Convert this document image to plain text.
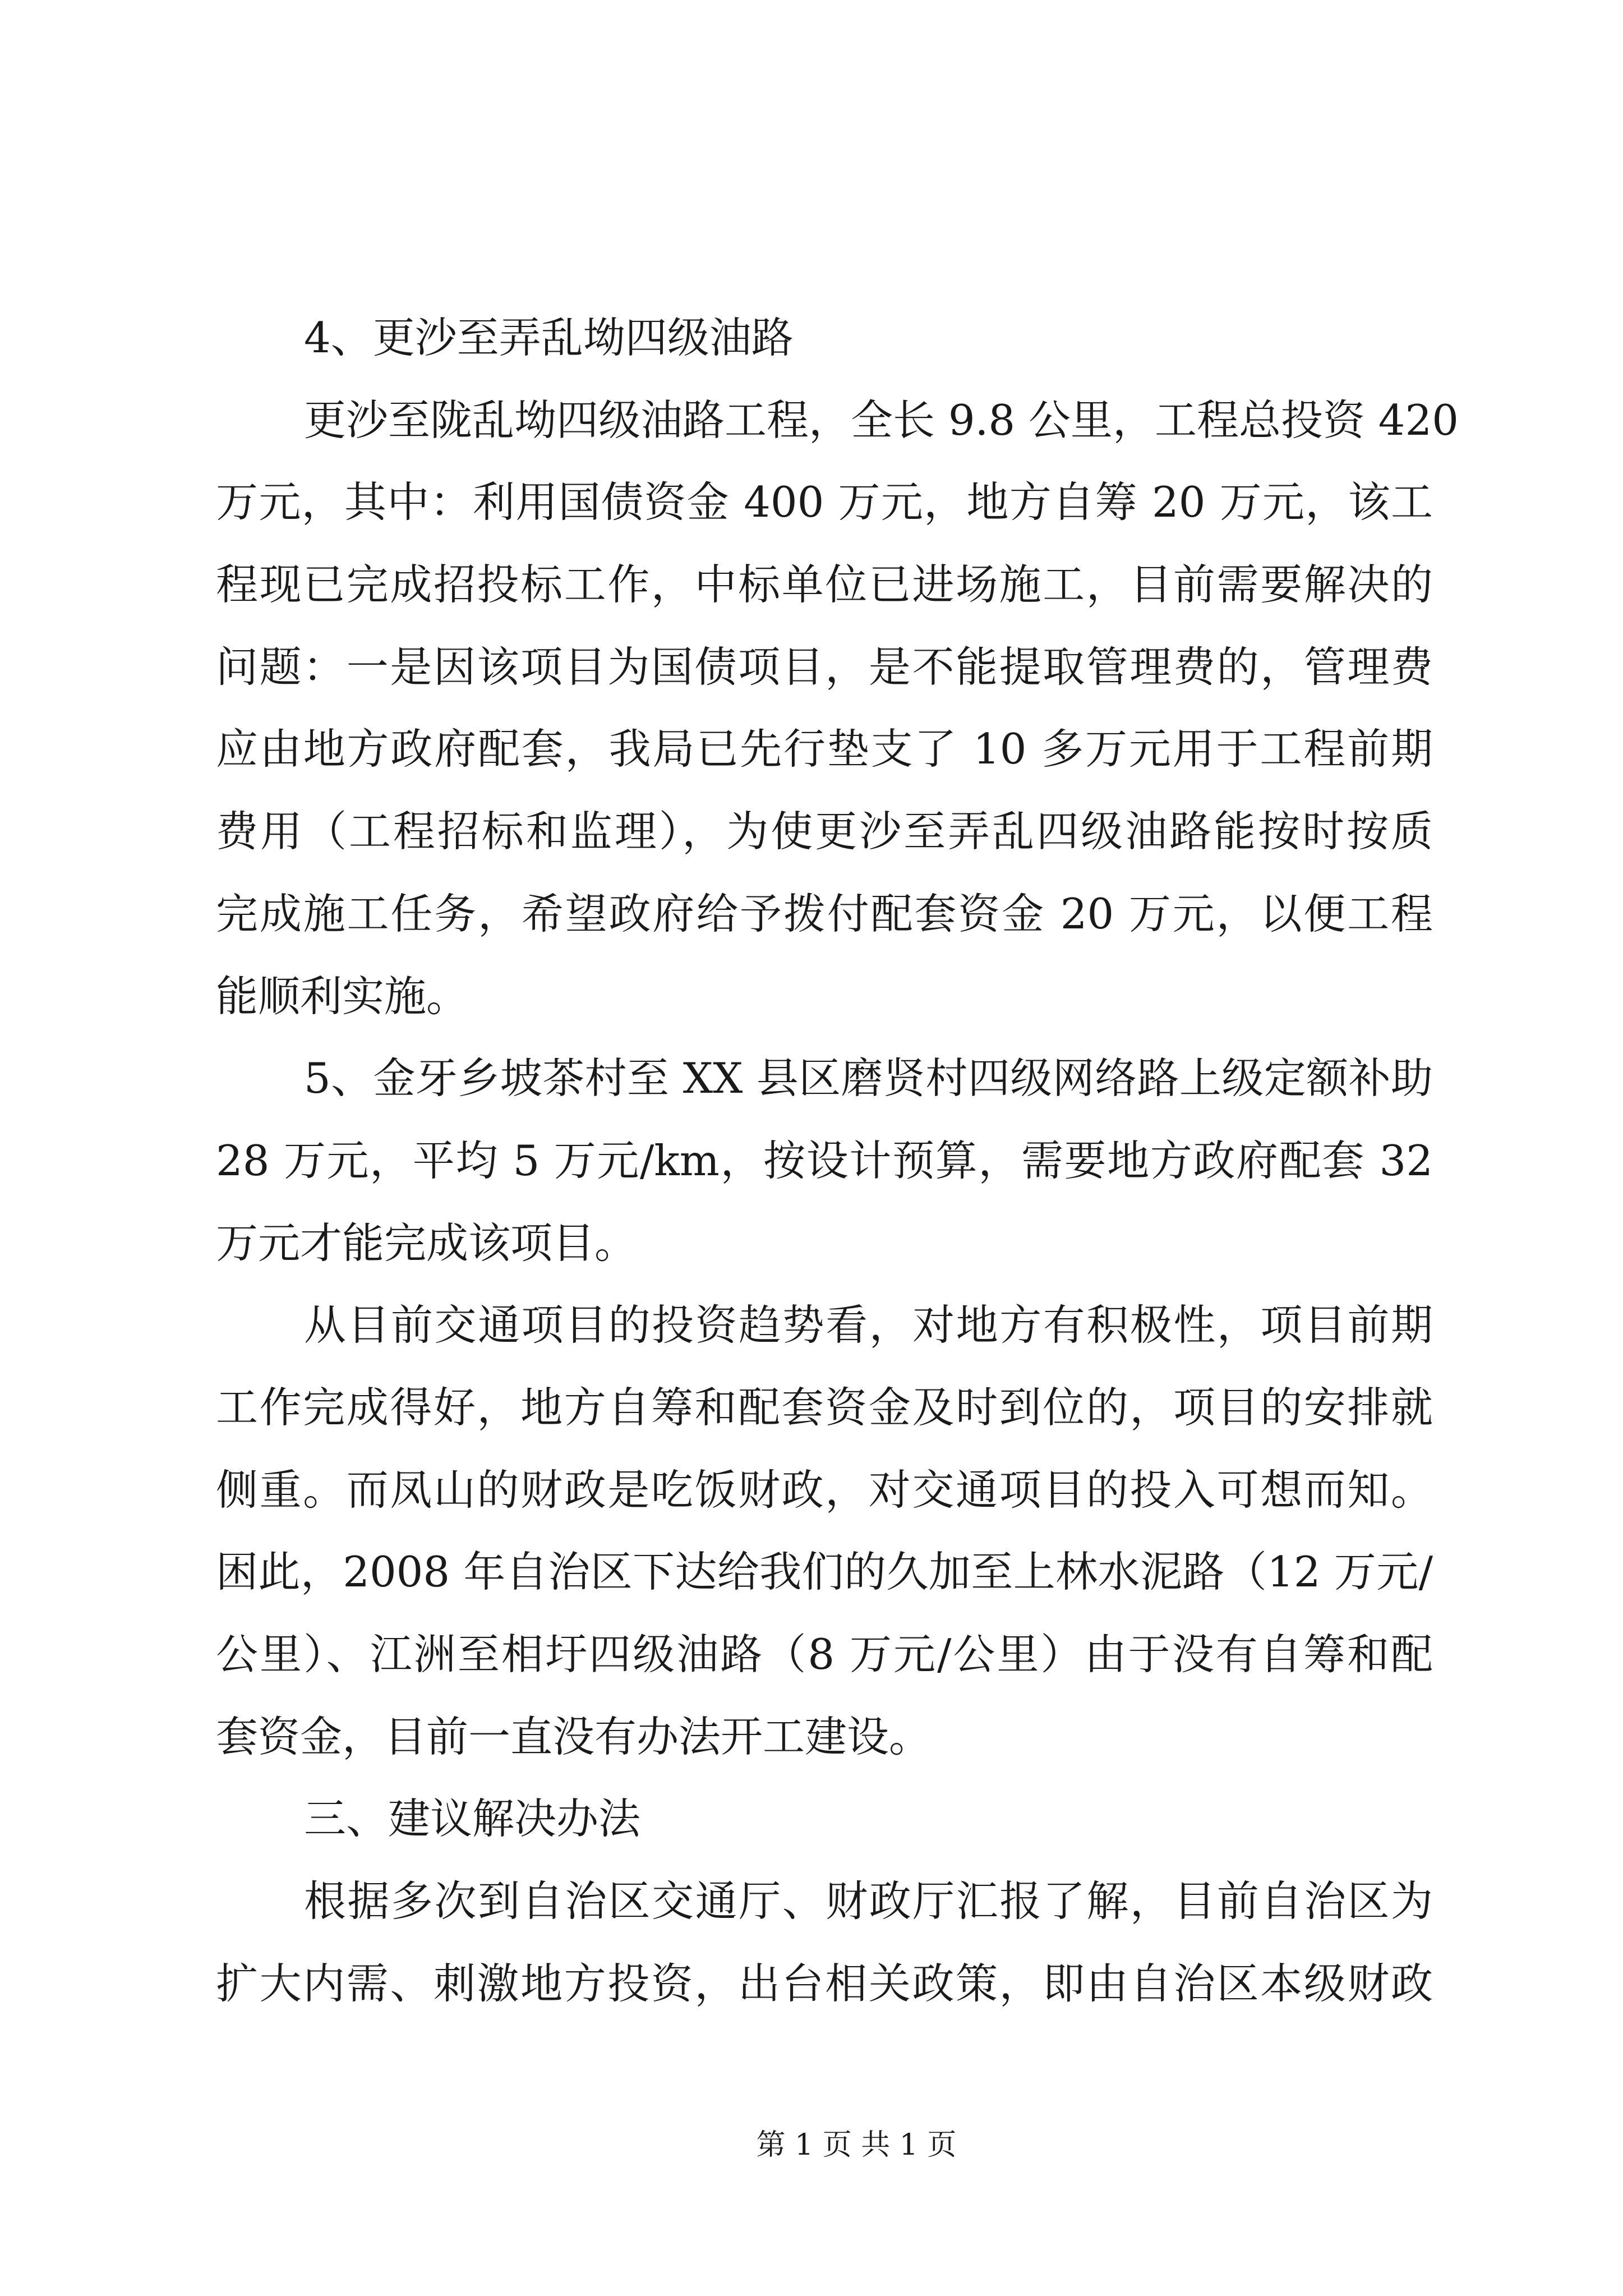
4、更沙至弄乱坳四级油路
更沙至陇乱坳四级油路工程，全长 9.8 公里，工程总投资 420
万元，其中：利用国债资金 400 万元，地方自筹 20 万元，该工
程现已完成招投标工作，中标单位已进场施工，目前需要解决的
问题：一是因该项目为国债项目，是不能提取管理费的，管理费
应由地方政府配套，我局已先行垫支了 10 多万元用于工程前期
费用（工程招标和监理），为使更沙至弄乱四级油路能按时按质
完成施工任务，希望政府给予拨付配套资金 20 万元，以便工程
能顺利实施。
5、金牙乡坡茶村至 XX 县区磨贤村四级网络路上级定额补助
28 万元，平均 5 万元/km，按设计预算，需要地方政府配套 32
万元才能完成该项目。
从目前交通项目的投资趋势看，对地方有积极性，项目前期
工作完成得好，地方自筹和配套资金及时到位的，项目的安排就
侧重。而凤山的财政是吃饭财政，对交通项目的投入可想而知。
困此，2008 年自治区下达给我们的久加至上林水泥路（12 万元/
公里）、江洲至相圩四级油路（8 万元/公里）由于没有自筹和配
套资金，目前一直没有办法开工建设。
三、建议解决办法
根据多次到自治区交通厅、财政厅汇报了解，目前自治区为
扩大内需、刺激地方投资，出台相关政策，即由自治区本级财政
第 1 页 共 1 页
